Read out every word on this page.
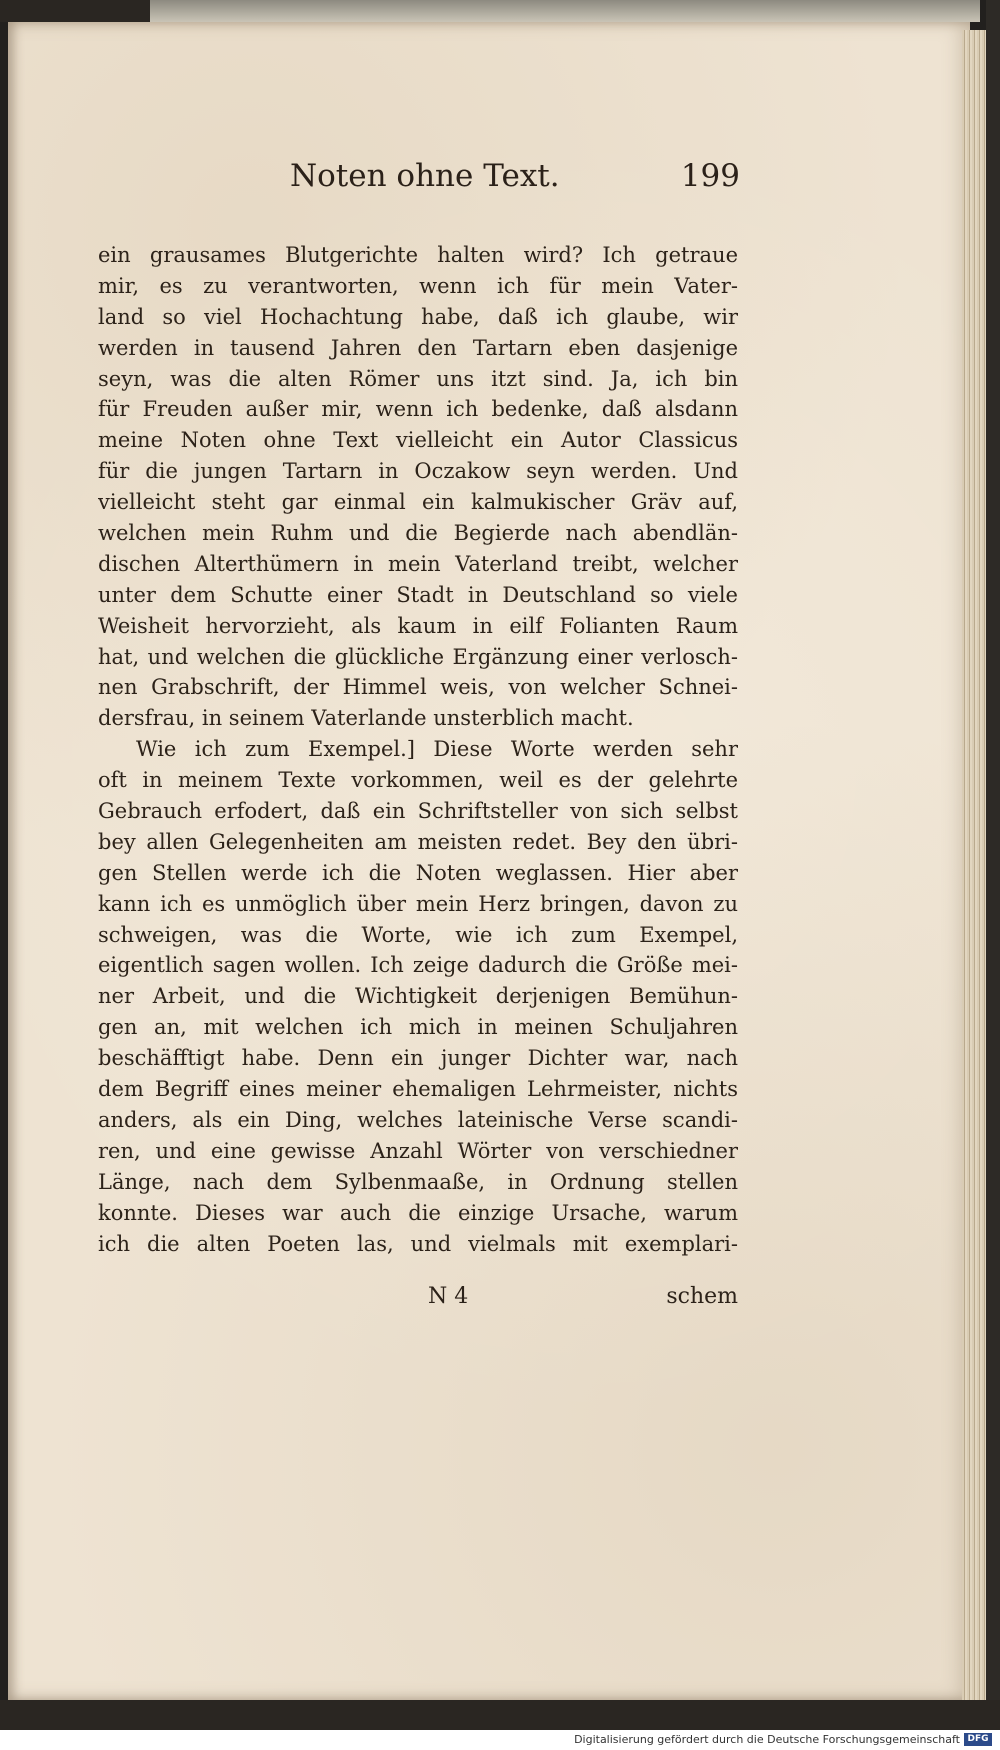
Noten ohne Text.	199
ein grausames Blutgerichte halten wird? Ich getraue
mir, es zu verantworten, wenn ich für mein Vater-
land so viel Hochachtung habe, daß ich glaube, wir
werden in tausend Jahren den Tartarn eben dasjenige
seyn, was die alten Römer uns itzt sind. Ja, ich bin
für Freuden außer mir, wenn ich bedenke, daß alsdann
meine Noten ohne Text vielleicht ein Autor Classicus
für die jungen Tartarn in Oczakow seyn werden. Und
vielleicht steht gar einmal ein kalmukischer Gräv auf,
welchen mein Ruhm und die Begierde nach abendlän-
dischen Alterthümern in mein Vaterland treibt, welcher
unter dem Schutte einer Stadt in Deutschland so viele
Weisheit hervorzieht, als kaum in eilf Folianten Raum
hat, und welchen die glückliche Ergänzung einer verlosch-
nen Grabschrift, der Himmel weis, von welcher Schnei-
dersfrau, in seinem Vaterlande unsterblich macht.
Wie ich zum Exempel.] Diese Worte werden sehr
oft in meinem Texte vorkommen, weil es der gelehrte
Gebrauch erfodert, daß ein Schriftsteller von sich selbst
bey allen Gelegenheiten am meisten redet. Bey den übri-
gen Stellen werde ich die Noten weglassen. Hier aber
kann ich es unmöglich über mein Herz bringen, davon zu
schweigen, was die Worte, wie ich zum Exempel,
eigentlich sagen wollen. Ich zeige dadurch die Größe mei-
ner Arbeit, und die Wichtigkeit derjenigen Bemühun-
gen an, mit welchen ich mich in meinen Schuljahren
beschäfftigt habe. Denn ein junger Dichter war, nach
dem Begriff eines meiner ehemaligen Lehrmeister, nichts
anders, als ein Ding, welches lateinische Verse scandi-
ren, und eine gewisse Anzahl Wörter von verschiedner
Länge, nach dem Sylbenmaaße, in Ordnung stellen
konnte. Dieses war auch die einzige Ursache, warum
ich die alten Poeten las, und vielmals mit exemplari-
N 4	schem
Digitalisierung gefördert durch die Deutsche Forschungsgemeinschaft DFG
